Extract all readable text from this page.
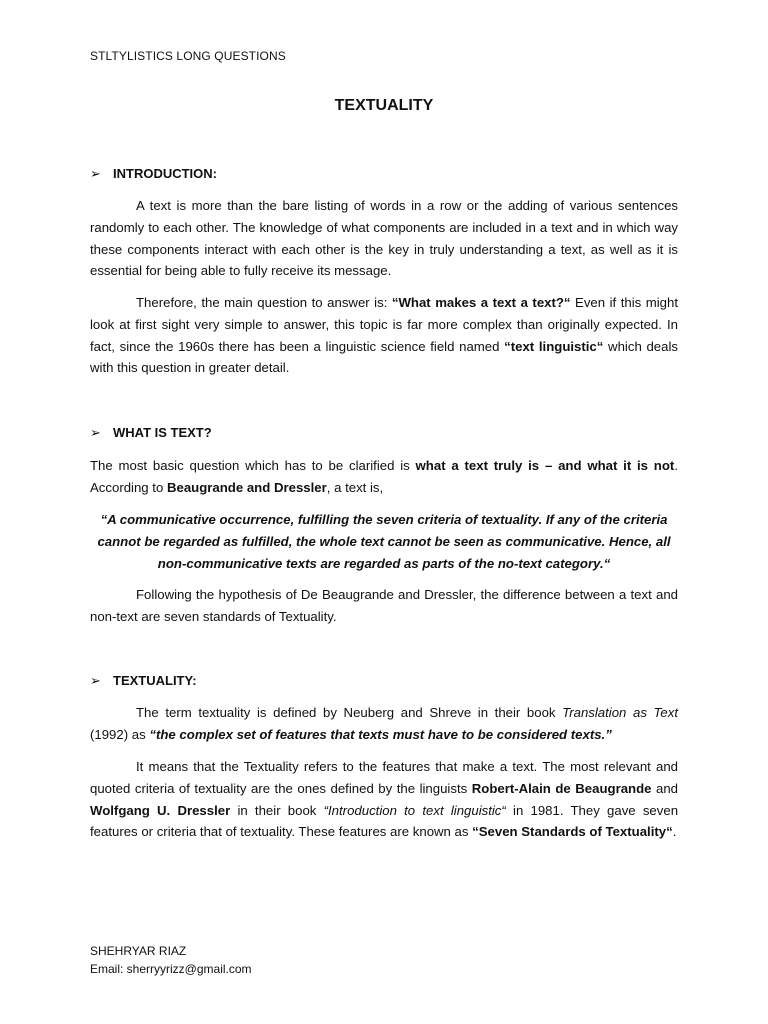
STLTYLISTICS LONG QUESTIONS
TEXTUALITY
➢ INTRODUCTION:
A text is more than the bare listing of words in a row or the adding of various sentences randomly to each other. The knowledge of what components are included in a text and in which way these components interact with each other is the key in truly understanding a text, as well as it is essential for being able to fully receive its message.
Therefore, the main question to answer is: “What makes a text a text?“ Even if this might look at first sight very simple to answer, this topic is far more complex than originally expected. In fact, since the 1960s there has been a linguistic science field named “text linguistic“ which deals with this question in greater detail.
➢ WHAT IS TEXT?
The most basic question which has to be clarified is what a text truly is – and what it is not. According to Beaugrande and Dressler, a text is,
“A communicative occurrence, fulfilling the seven criteria of textuality. If any of the criteria cannot be regarded as fulfilled, the whole text cannot be seen as communicative. Hence, all non-communicative texts are regarded as parts of the no-text category.“
Following the hypothesis of De Beaugrande and Dressler, the difference between a text and non-text are seven standards of Textuality.
➢ TEXTUALITY:
The term textuality is defined by Neuberg and Shreve in their book Translation as Text (1992) as “the complex set of features that texts must have to be considered texts.”
It means that the Textuality refers to the features that make a text. The most relevant and quoted criteria of textuality are the ones defined by the linguists Robert-Alain de Beaugrande and Wolfgang U. Dressler in their book “Introduction to text linguistic“ in 1981. They gave seven features or criteria that of textuality. These features are known as “Seven Standards of Textuality“.
SHEHRYAR RIAZ
Email: sherryyrizz@gmail.com
